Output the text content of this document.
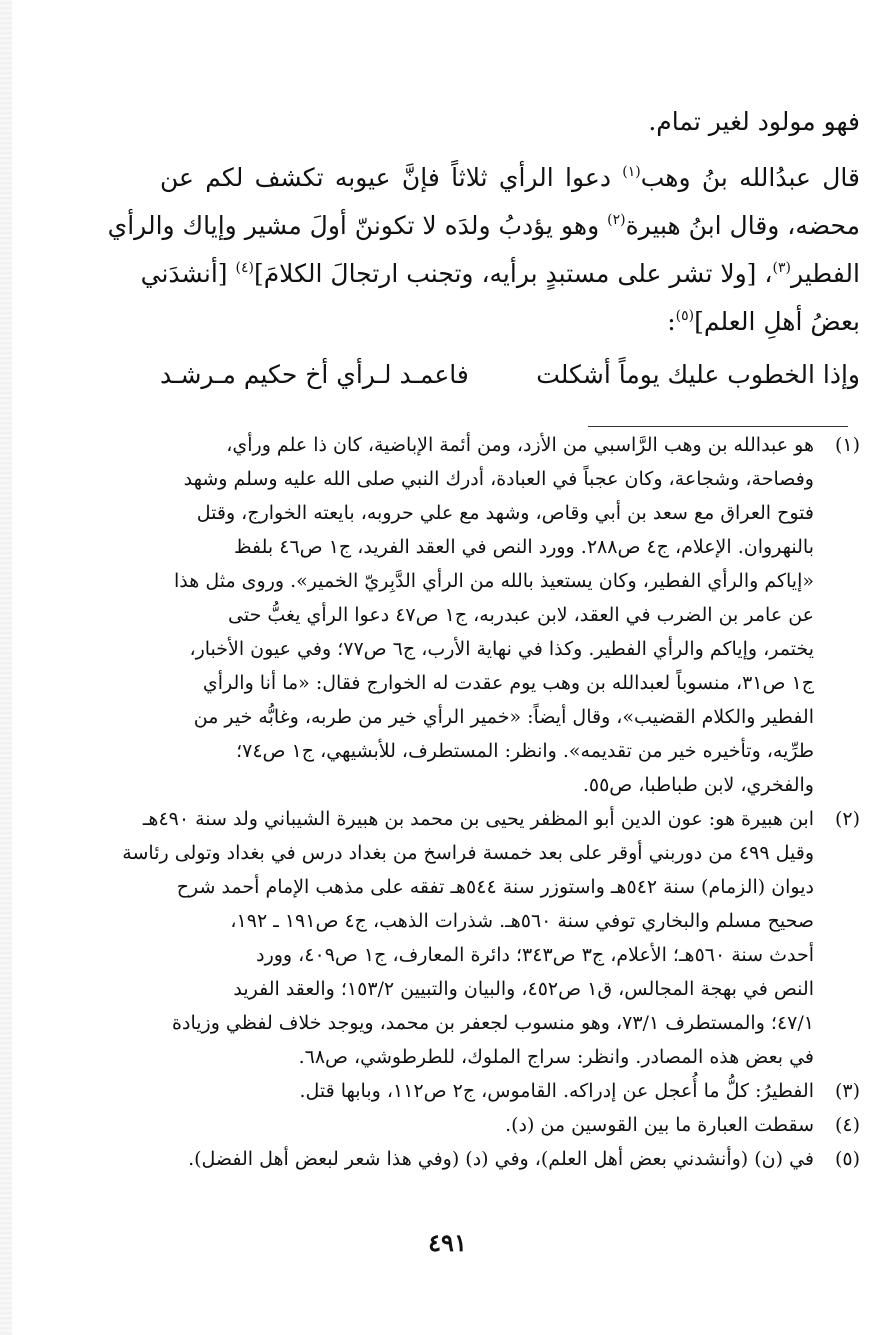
فهو مولود لغير تمام.
قال عبدُالله بنُ وهب$^{(١)}$ دعوا الرأي ثلاثاً فإنَّ عيوبه تكشف لكم عن
محضه، وقال ابنُ هبيرة$^{(٢)}$ وهو يؤدبُ ولدَه لا تكوننّ أولَ مشير وإياك والرأي
الفطير$^{(٣)}$، [ولا تشر على مستبدٍ برأيه، وتجنب ارتجالَ الكلامَ]$^{(٤)}$ [أنشدَني
بعضُ أهلِ العلم]$^{(٥)}$:
وإذا الخطوب عليك يوماً أشكلت
فاعمـد لـرأي أخ حكيم مـرشـد
(١)
هو عبدالله بن وهب الرَّاسبي من الأزد، ومن أئمة الإباضية، كان ذا علم ورأي،
وفصاحة، وشجاعة، وكان عجباً في العبادة، أدرك النبي صلى الله عليه وسلم وشهد
فتوح العراق مع سعد بن أبي وقاص، وشهد مع علي حروبه، بايعته الخوارج، وقتل
بالنهروان. الإعلام، ج٤ ص٢٨٨. وورد النص في العقد الفريد، ج١ ص٤٦ بلفظ
«إياكم والرأي الفطير، وكان يستعيذ بالله من الرأي الدَّبِريّ الخمير». وروى مثل هذا
عن عامر بن الضرب في العقد، لابن عبدربه، ج١ ص٤٧ دعوا الرأي يغبُّ حتى
يختمر، وإياكم والرأي الفطير. وكذا في نهاية الأرب، ج٦ ص٧٧؛ وفي عيون الأخبار،
ج١ ص٣١، منسوباً لعبدالله بن وهب يوم عقدت له الخوارج فقال: «ما أنا والرأي
الفطير والكلام القضيب»، وقال أيضاً: «خمير الرأي خير من طربه، وغابُّه خير من
طرِّيه، وتأخيره خير من تقديمه». وانظر: المستطرف، للأبشيهي، ج١ ص٧٤؛
والفخري، لابن طباطبا، ص٥٥.
(٢)
ابن هبيرة هو: عون الدين أبو المظفر يحيى بن محمد بن هبيرة الشيباني ولد سنة ٤٩٠هـ
وقيل ٤٩٩ من دوربني أوقر على بعد خمسة فراسخ من بغداد درس في بغداد وتولى رئاسة
ديوان (الزمام) سنة ٥٤٢هـ واستوزر سنة ٥٤٤هـ تفقه على مذهب الإمام أحمد شرح
صحيح مسلم والبخاري توفي سنة ٥٦٠هـ. شذرات الذهب، ج٤ ص١٩١ ـ ١٩٢،
أحدث سنة ٥٦٠هـ؛ الأعلام، ج٣ ص٣٤٣؛ دائرة المعارف، ج١ ص٤٠٩، وورد
النص في بهجة المجالس، ق١ ص٤٥٢، والبيان والتبيين ١٥٣/٢؛ والعقد الفريد
٤٧/١؛ والمستطرف ٧٣/١، وهو منسوب لجعفر بن محمد، ويوجد خلاف لفظي وزيادة
في بعض هذه المصادر. وانظر: سراج الملوك، للطرطوشي، ص٦٨.
(٣)
الفطيرُ: كلُّ ما أُعجل عن إدراكه. القاموس، ج٢ ص١١٢، وبابها قتل.
(٤)
سقطت العبارة ما بين القوسين من (د).
(٥)
في (ن) (وأنشدني بعض أهل العلم)، وفي (د) (وفي هذا شعر لبعض أهل الفضل).
٤٩١
